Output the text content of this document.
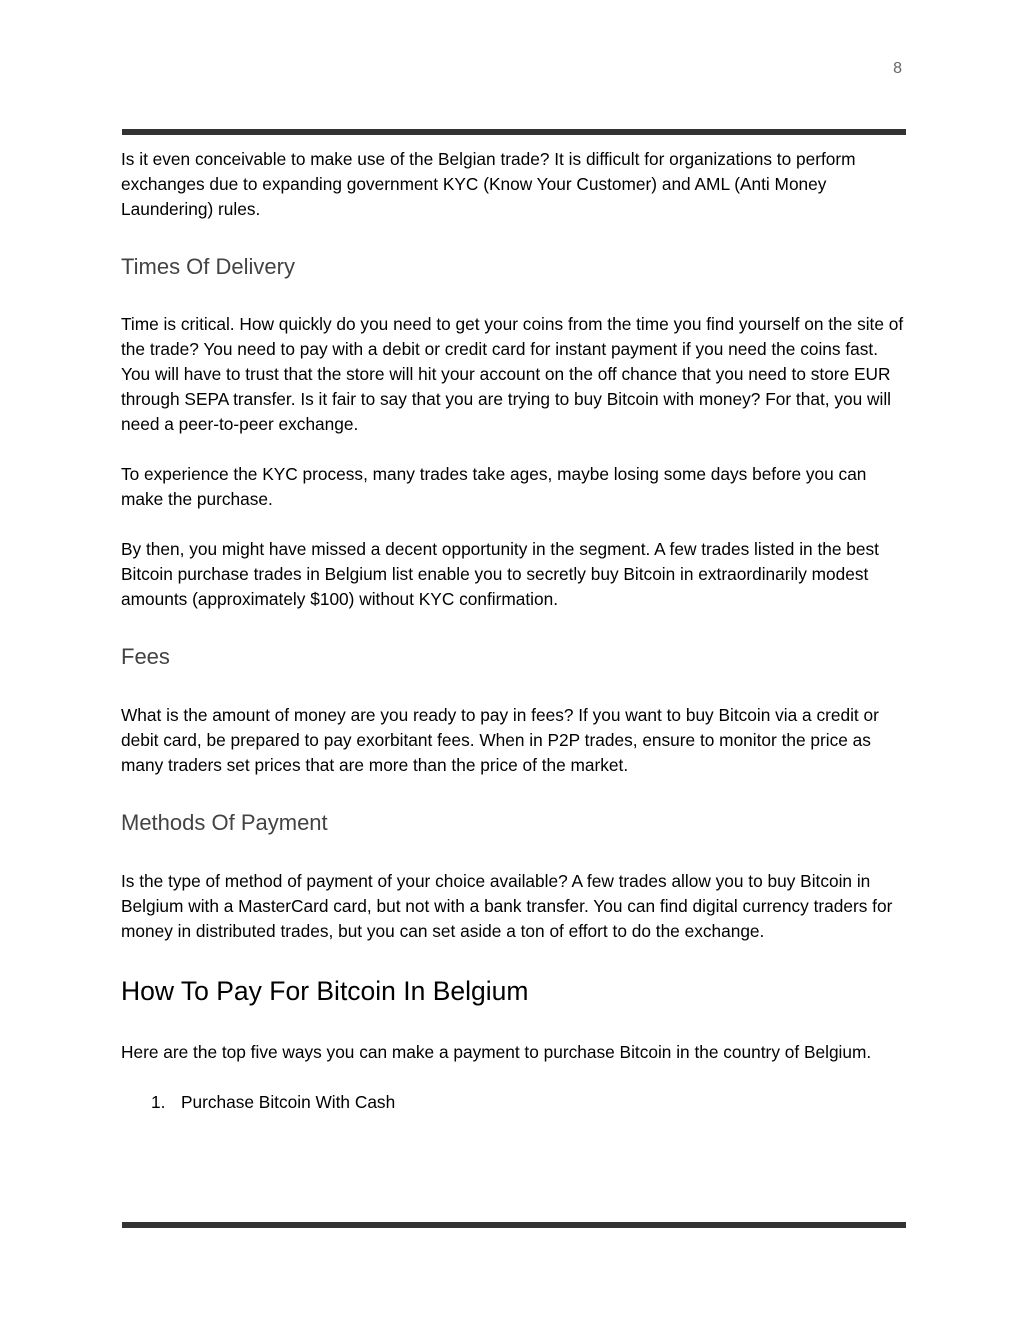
8

Is it even conceivable to make use of the Belgian trade? It is difficult for organizations to perform exchanges due to expanding government KYC (Know Your Customer) and AML (Anti Money Laundering) rules.

Times Of Delivery

Time is critical. How quickly do you need to get your coins from the time you find yourself on the site of the trade? You need to pay with a debit or credit card for instant payment if you need the coins fast. You will have to trust that the store will hit your account on the off chance that you need to store EUR through SEPA transfer. Is it fair to say that you are trying to buy Bitcoin with money? For that, you will need a peer-to-peer exchange.

To experience the KYC process, many trades take ages, maybe losing some days before you can make the purchase.

By then, you might have missed a decent opportunity in the segment. A few trades listed in the best Bitcoin purchase trades in Belgium list enable you to secretly buy Bitcoin in extraordinarily modest amounts (approximately $100) without KYC confirmation.

Fees

What is the amount of money are you ready to pay in fees? If you want to buy Bitcoin via a credit or debit card, be prepared to pay exorbitant fees. When in P2P trades, ensure to monitor the price as many traders set prices that are more than the price of the market.

Methods Of Payment

Is the type of method of payment of your choice available? A few trades allow you to buy Bitcoin in Belgium with a MasterCard card, but not with a bank transfer. You can find digital currency traders for money in distributed trades, but you can set aside a ton of effort to do the exchange.

How To Pay For Bitcoin In Belgium

Here are the top five ways you can make a payment to purchase Bitcoin in the country of Belgium.

1. Purchase Bitcoin With Cash
